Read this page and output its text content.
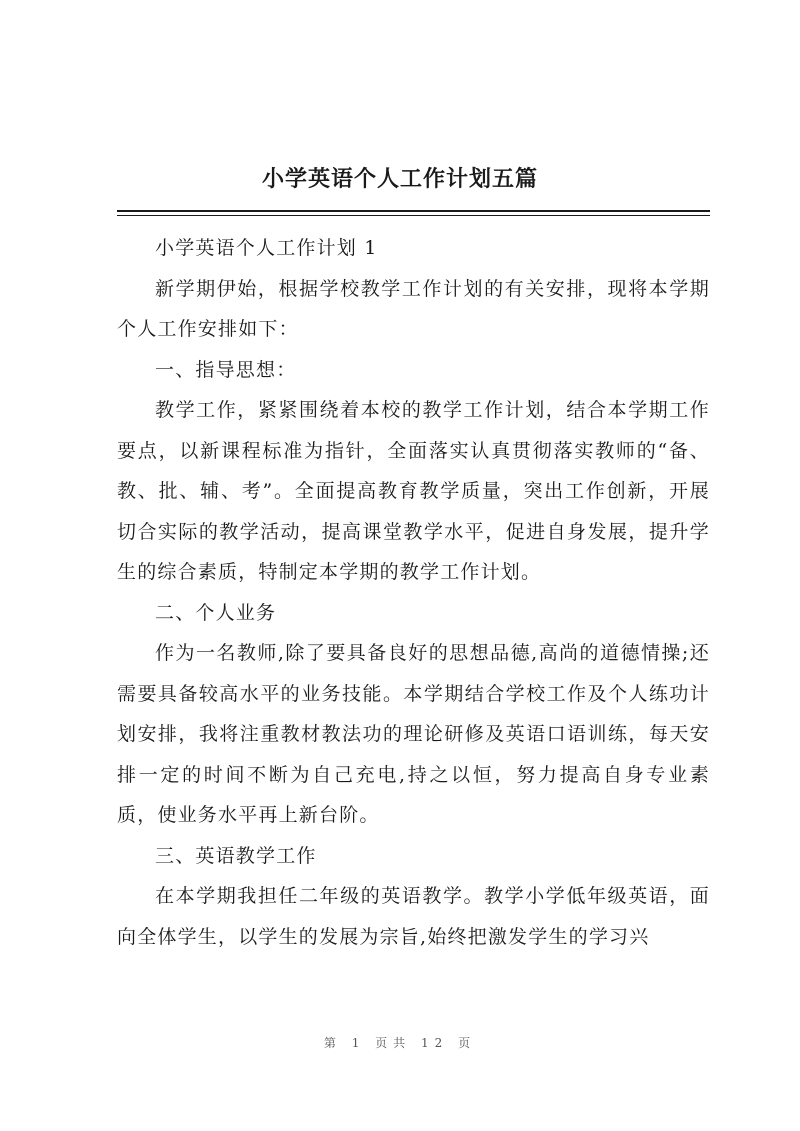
小学英语个人工作计划五篇

小学英语个人工作计划 1

新学期伊始，根据学校教学工作计划的有关安排，现将本学期个人工作安排如下：

一、指导思想：

教学工作，紧紧围绕着本校的教学工作计划，结合本学期工作要点，以新课程标准为指针，全面落实认真贯彻落实教师的“备、教、批、辅、考”。全面提高教育教学质量，突出工作创新，开展切合实际的教学活动，提高课堂教学水平，促进自身发展，提升学生的综合素质，特制定本学期的教学工作计划。

二、个人业务

作为一名教师,除了要具备良好的思想品德,高尚的道德情操;还需要具备较高水平的业务技能。本学期结合学校工作及个人练功计划安排，我将注重教材教法功的理论研修及英语口语训练，每天安排一定的时间不断为自己充电,持之以恒，努力提高自身专业素质，使业务水平再上新台阶。

三、英语教学工作

在本学期我担任二年级的英语教学。教学小学低年级英语，面向全体学生，以学生的发展为宗旨,始终把激发学生的学习兴

第 1 页共 12 页
